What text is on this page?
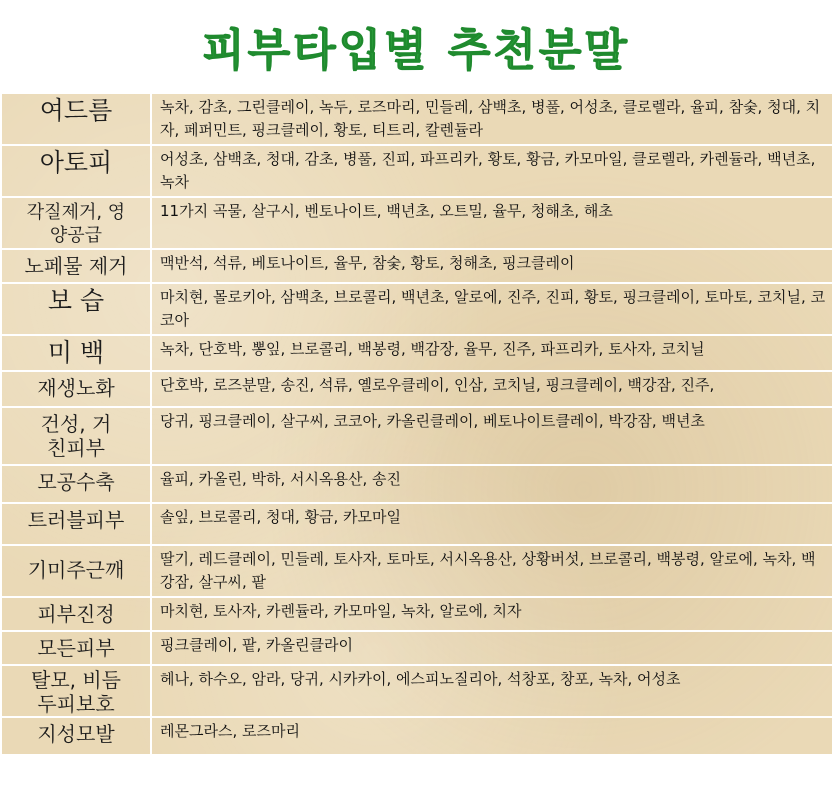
피부타입별 추천분말
여드름	녹차, 감초, 그린클레이, 녹두, 로즈마리, 민들레, 삼백초, 병풀, 어성초, 클로렐라, 율피, 참숯, 청대, 치자, 페퍼민트, 핑크클레이, 황토, 티트리, 칼렌듈라
아토피	어성초, 삼백초, 청대, 감초, 병풀, 진피, 파프리카, 황토, 황금, 카모마일, 클로렐라, 카렌듈라, 백년초, 녹차
각질제거, 영양공급	11가지 곡물, 살구시, 벤토나이트, 백년초, 오트밀, 율무, 청해초, 해초
노페물 제거	맥반석, 석류, 베토나이트, 율무, 참숯, 황토, 청해초, 핑크클레이
보 습	마치현, 몰로키아, 삼백초, 브로콜리, 백년초, 알로에, 진주, 진피, 황토, 핑크클레이, 토마토, 코치닐, 코코아
미 백	녹차, 단호박, 뽕잎, 브로콜리, 백봉령, 백감장, 율무, 진주, 파프리카, 토사자, 코치닐
재생노화	단호박, 로즈분말, 송진, 석류, 옐로우클레이, 인삼, 코치닐, 핑크클레이, 백강잠, 진주,
건성, 거친피부	당귀, 핑크클레이, 살구씨, 코코아, 카올린클레이, 베토나이트클레이, 박강잠, 백년초
모공수축	율피, 카올린, 박하, 서시옥용산, 송진
트러블피부	솔잎, 브로콜리, 청대, 황금, 카모마일
기미주근깨	딸기, 레드클레이, 민들레, 토사자, 토마토, 서시옥용산, 상황버섯, 브로콜리, 백봉령, 알로에, 녹차, 백강잠, 살구씨, 팥
피부진정	마치현, 토사자, 카렌듈라, 카모마일, 녹차, 알로에, 치자
모든피부	핑크클레이, 팥, 카올린클라이
탈모, 비듬 두피보호	헤나, 하수오, 암라, 당귀, 시카카이, 에스피노질리아, 석창포, 창포, 녹차, 어성초
지성모발	레몬그라스, 로즈마리
